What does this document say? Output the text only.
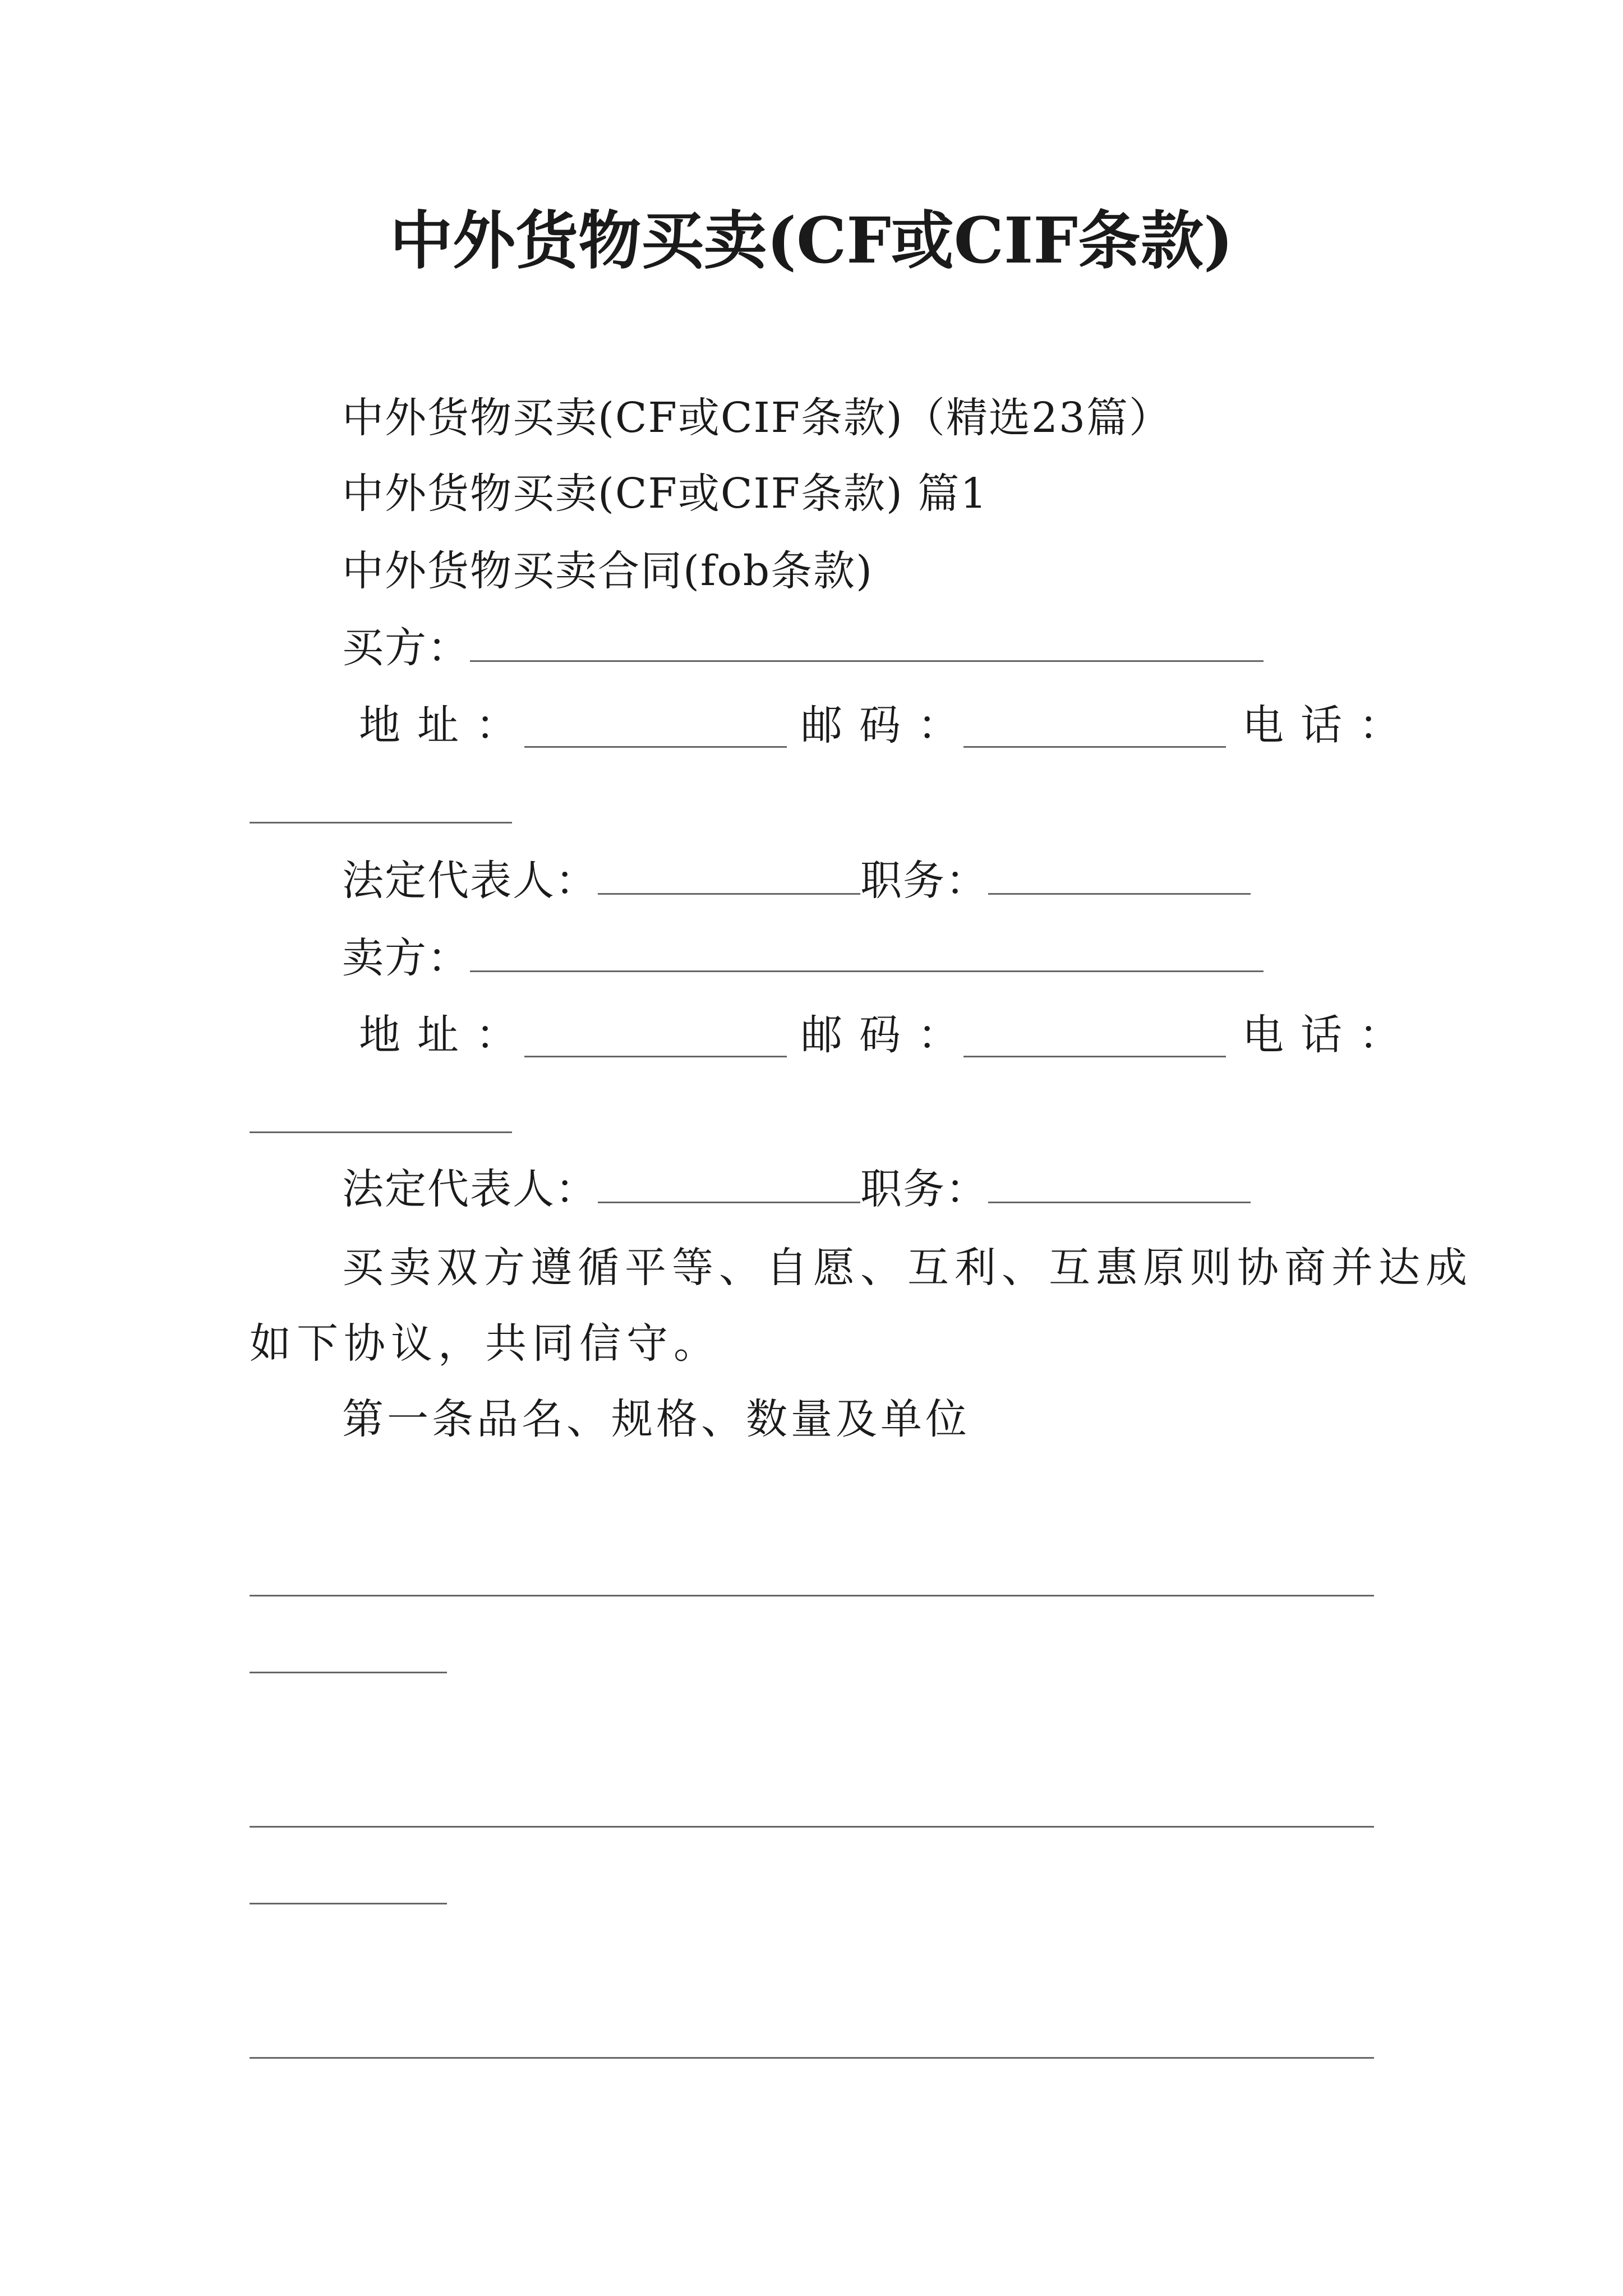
中外货物买卖(CF或CIF条款)
中外货物买卖(CF或CIF条款)（精选23篇）
中外货物买卖(CF或CIF条款) 篇1
中外货物买卖合同(fob条款)
买方：
地址：	邮码：	电话：
法定代表人：	职务：
卖方：
地址：	邮码：	电话：
法定代表人：	职务：
买卖双方遵循平等、自愿、互利、互惠原则协商并达成
如下协议，共同信守。
第一条品名、规格、数量及单位
